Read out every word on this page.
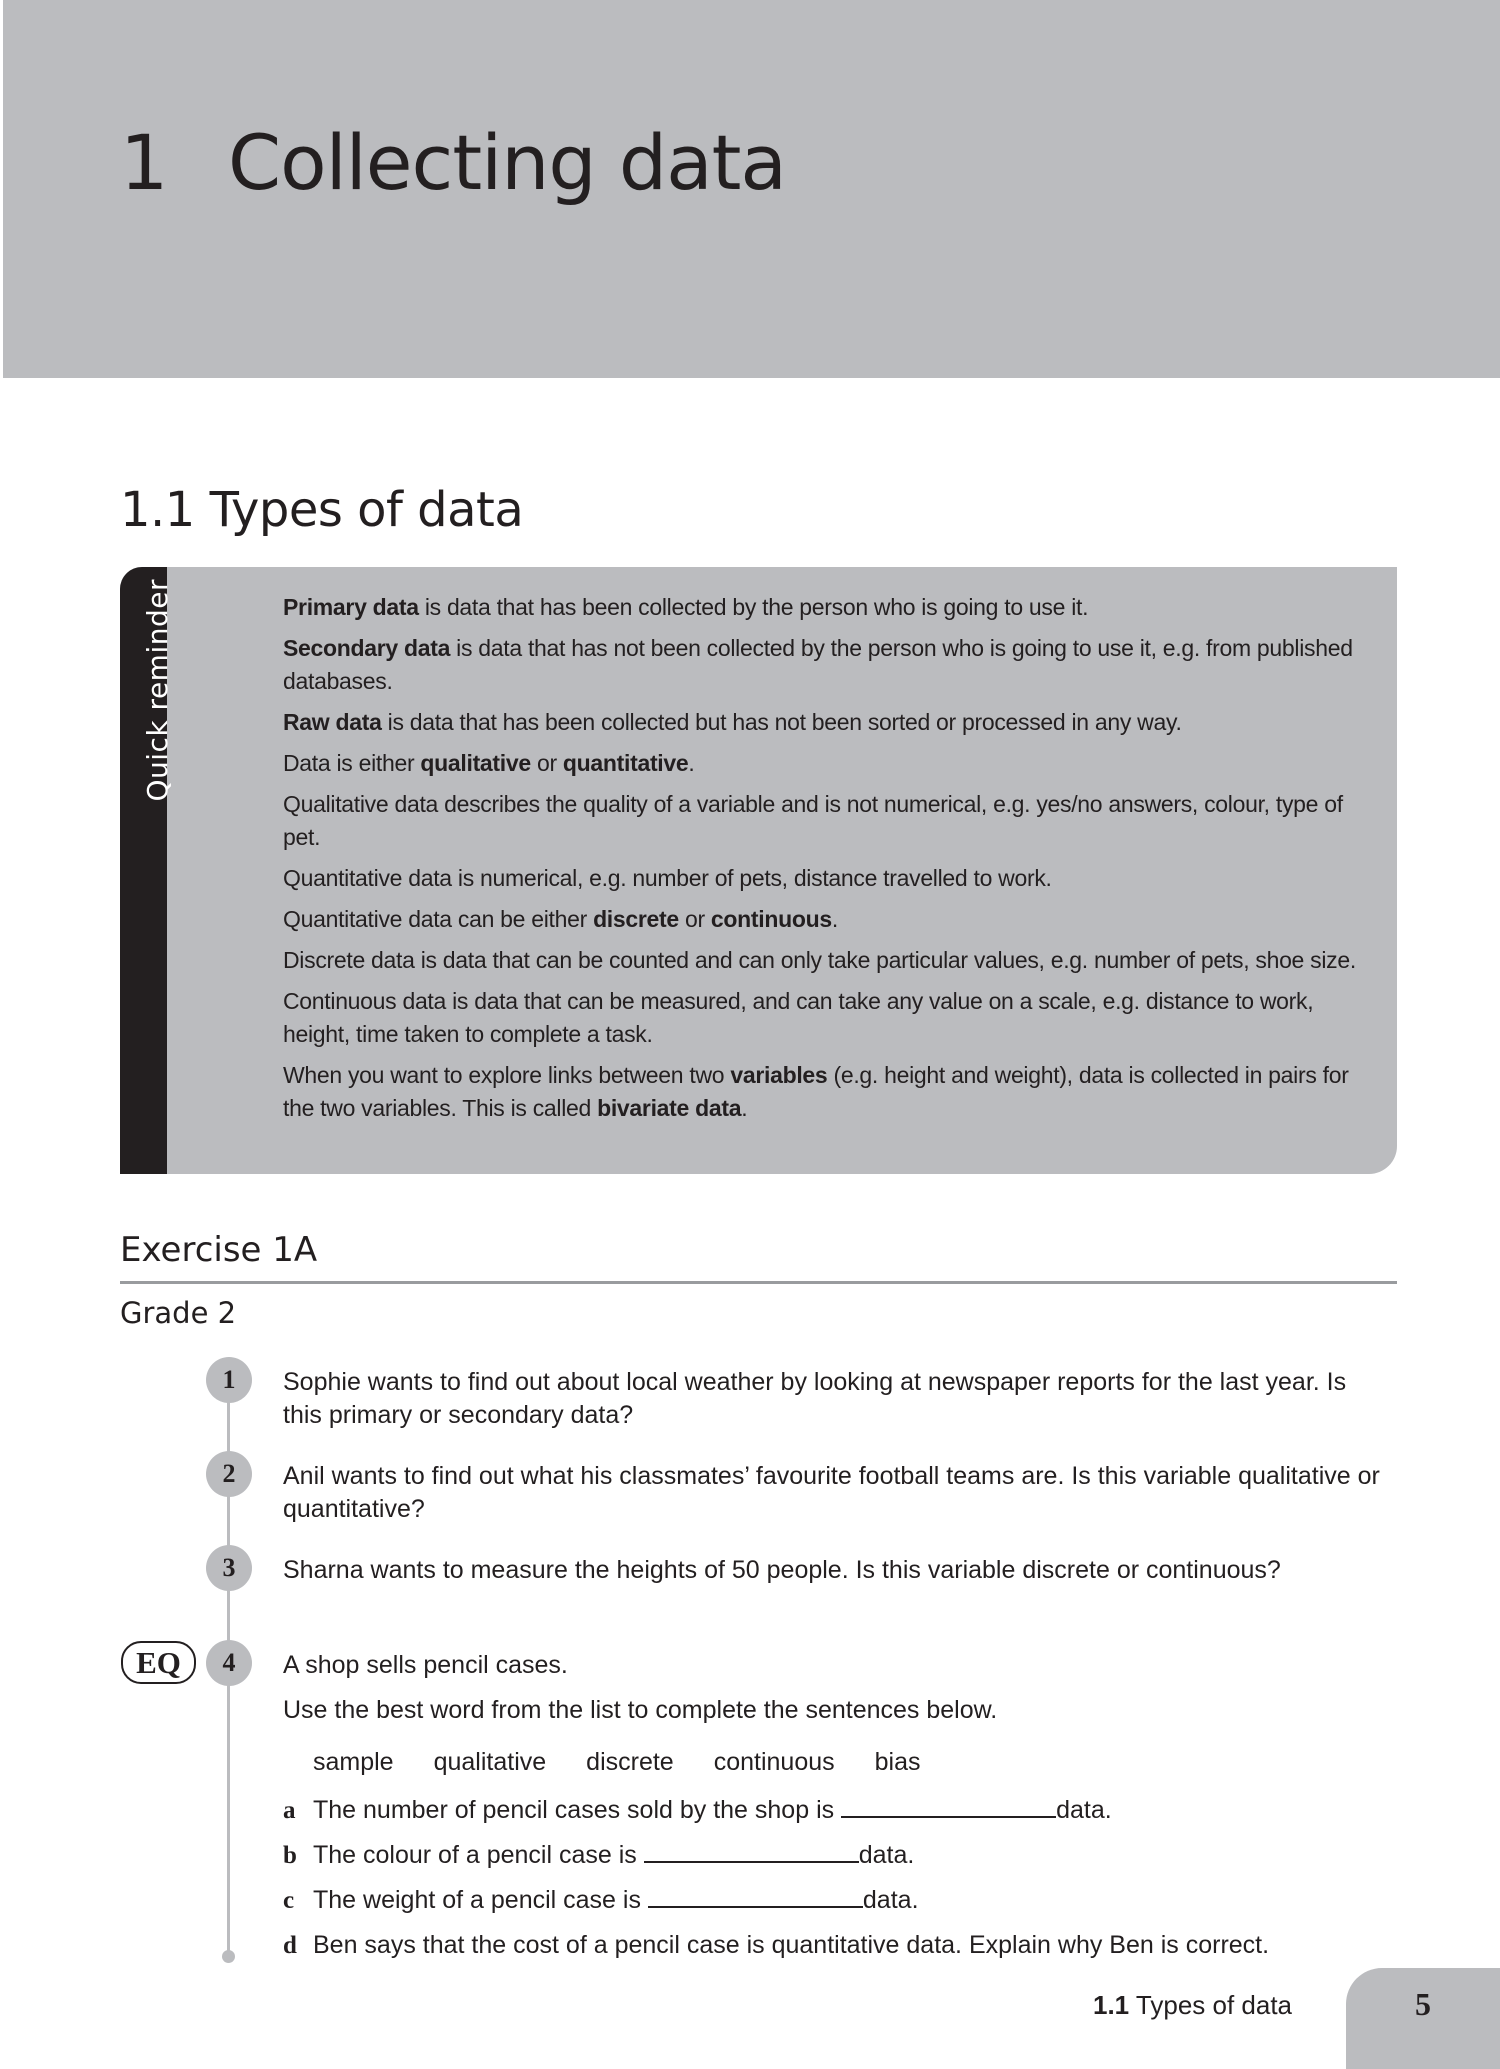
1 Collecting data
1.1 Types of data
Quick reminder	Primary data is data that has been collected by the person who is going to use it.

Secondary data is data that has not been collected by the person who is going to use it, e.g. from published databases.

Raw data is data that has been collected but has not been sorted or processed in any way.

Data is either qualitative or quantitative.

Qualitative data describes the quality of a variable and is not numerical, e.g. yes/no answers, colour, type of pet.

Quantitative data is numerical, e.g. number of pets, distance travelled to work.

Quantitative data can be either discrete or continuous.

Discrete data is data that can be counted and can only take particular values, e.g. number of pets, shoe size.

Continuous data is data that can be measured, and can take any value on a scale, e.g. distance to work, height, time taken to complete a task.

When you want to explore links between two variables (e.g. height and weight), data is collected in pairs for the two variables. This is called bivariate data.

Exercise 1A
Grade 2
1	Sophie wants to find out about local weather by looking at newspaper reports for the last year. Is this primary or secondary data?
2	Anil wants to find out what his classmates’ favourite football teams are. Is this variable qualitative or quantitative?
3	Sharna wants to measure the heights of 50 people. Is this variable discrete or continuous?
EQ	4	A shop sells pencil cases.
Use the best word from the list to complete the sentences below.
sample qualitative discrete continuous bias
a The number of pencil cases sold by the shop is	data.
b The colour of a pencil case is	data.
c The weight of a pencil case is	data.
d Ben says that the cost of a pencil case is quantitative data. Explain why Ben is correct.
1.1 Types of data	5
